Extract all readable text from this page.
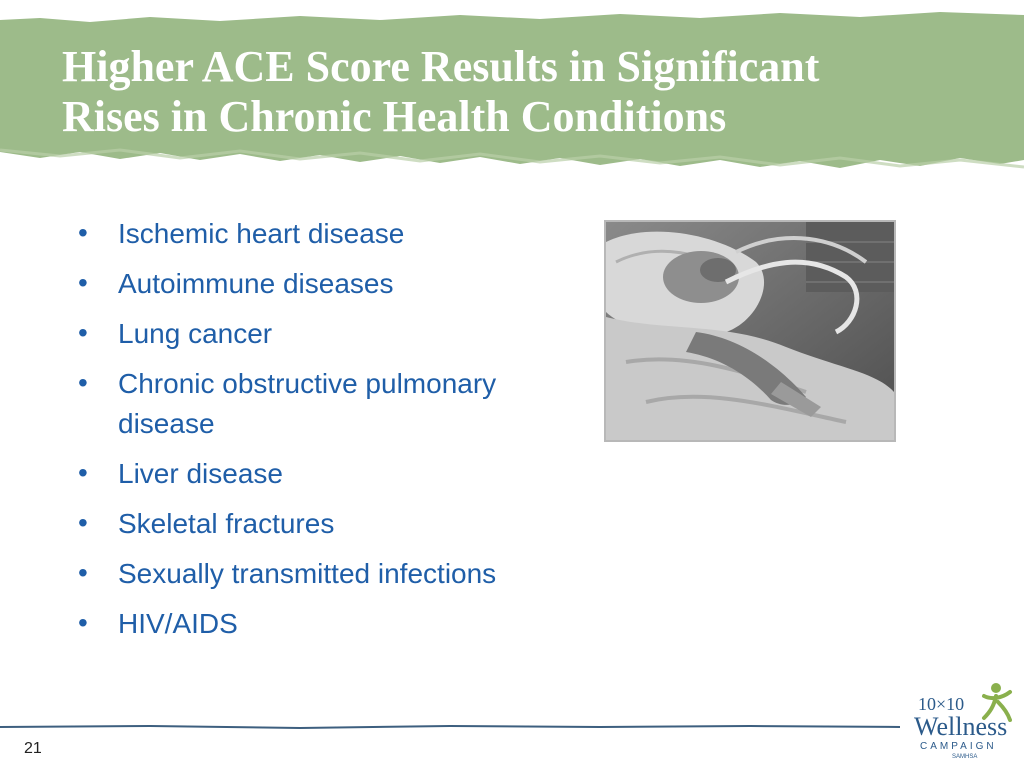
Higher ACE Score Results in Significant
Rises in Chronic Health Conditions
• Ischemic heart disease
• Autoimmune diseases
• Lung cancer
• Chronic obstructive pulmonary disease
• Liver disease
• Skeletal fractures
• Sexually transmitted infections
• HIV/AIDS
21
10×10
Wellness
CAMPAIGN
SAMHSA
